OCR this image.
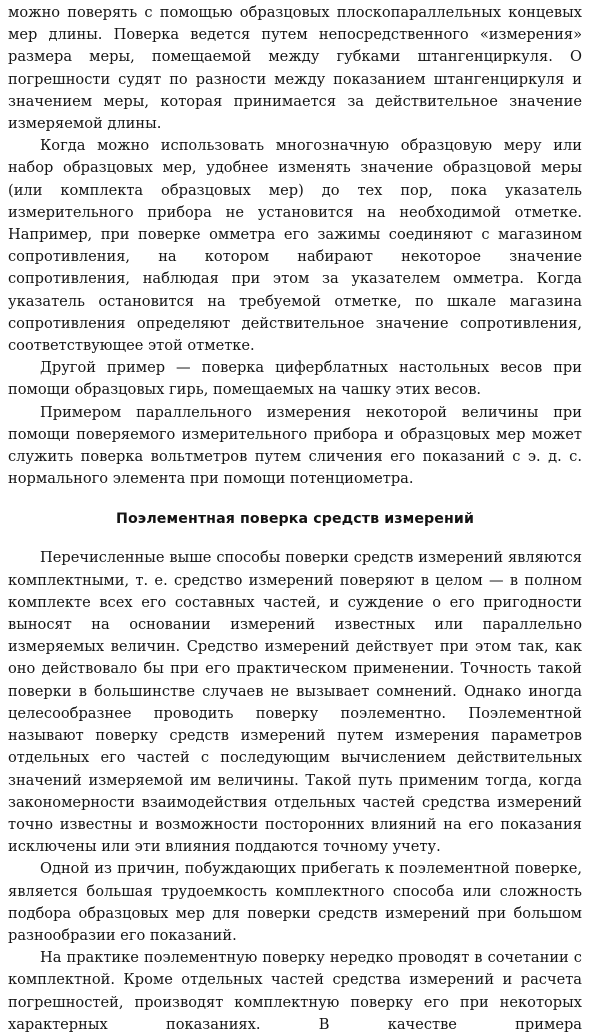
можно поверять с помощью образцовых плоскопараллельных концевых мер длины. Поверка ведется путем непосредственного «измерения» размера меры, помещаемой между губками штангенциркуля. О погрешности судят по разности между показанием штангенциркуля и значением меры, которая принимается за действительное значение измеряемой длины.

Когда можно использовать многозначную образцовую меру или набор образцовых мер, удобнее изменять значение образцовой меры (или комплекта образцовых мер) до тех пор, пока указатель измерительного прибора не установится на необходимой отметке. Например, при поверке омметра его зажимы соединяют с магазином сопротивления, на котором набирают некоторое значение сопротивления, наблюдая при этом за указателем омметра. Когда указатель остановится на требуемой отметке, по шкале магазина сопротивления определяют действительное значение сопротивления, соответствующее этой отметке.

Другой пример — поверка циферблатных настольных весов при помощи образцовых гирь, помещаемых на чашку этих весов.

Примером параллельного измерения некоторой величины при помощи поверяемого измерительного прибора и образцовых мер может служить поверка вольтметров путем сличения его показаний с э. д. с. нормального элемента при помощи потенциометра.

Поэлементная поверка средств измерений

Перечисленные выше способы поверки средств измерений являются комплектными, т. е. средство измерений поверяют в целом — в полном комплекте всех его составных частей, и суждение о его пригодности выносят на основании измерений известных или параллельно измеряемых величин. Средство измерений действует при этом так, как оно действовало бы при его практическом применении. Точность такой поверки в большинстве случаев не вызывает сомнений. Однако иногда целесообразнее проводить поверку поэлементно. Поэлементной называют поверку средств измерений путем измерения параметров отдельных его частей с последующим вычислением действительных значений измеряемой им величины. Такой путь применим тогда, когда закономерности взаимодействия отдельных частей средства измерений точно известны и возможности посторонних влияний на его показания исключены или эти влияния поддаются точному учету.

Одной из причин, побуждающих прибегать к поэлементной поверке, является большая трудоемкость комплектного способа или сложность подбора образцовых мер для поверки средств измерений при большом разнообразии его показаний.

На практике поэлементную поверку нередко проводят в сочетании с комплектной. Кроме отдельных частей средства измерений и расчета погрешностей, производят комплектную поверку его при некоторых характерных показаниях. В качестве примера
